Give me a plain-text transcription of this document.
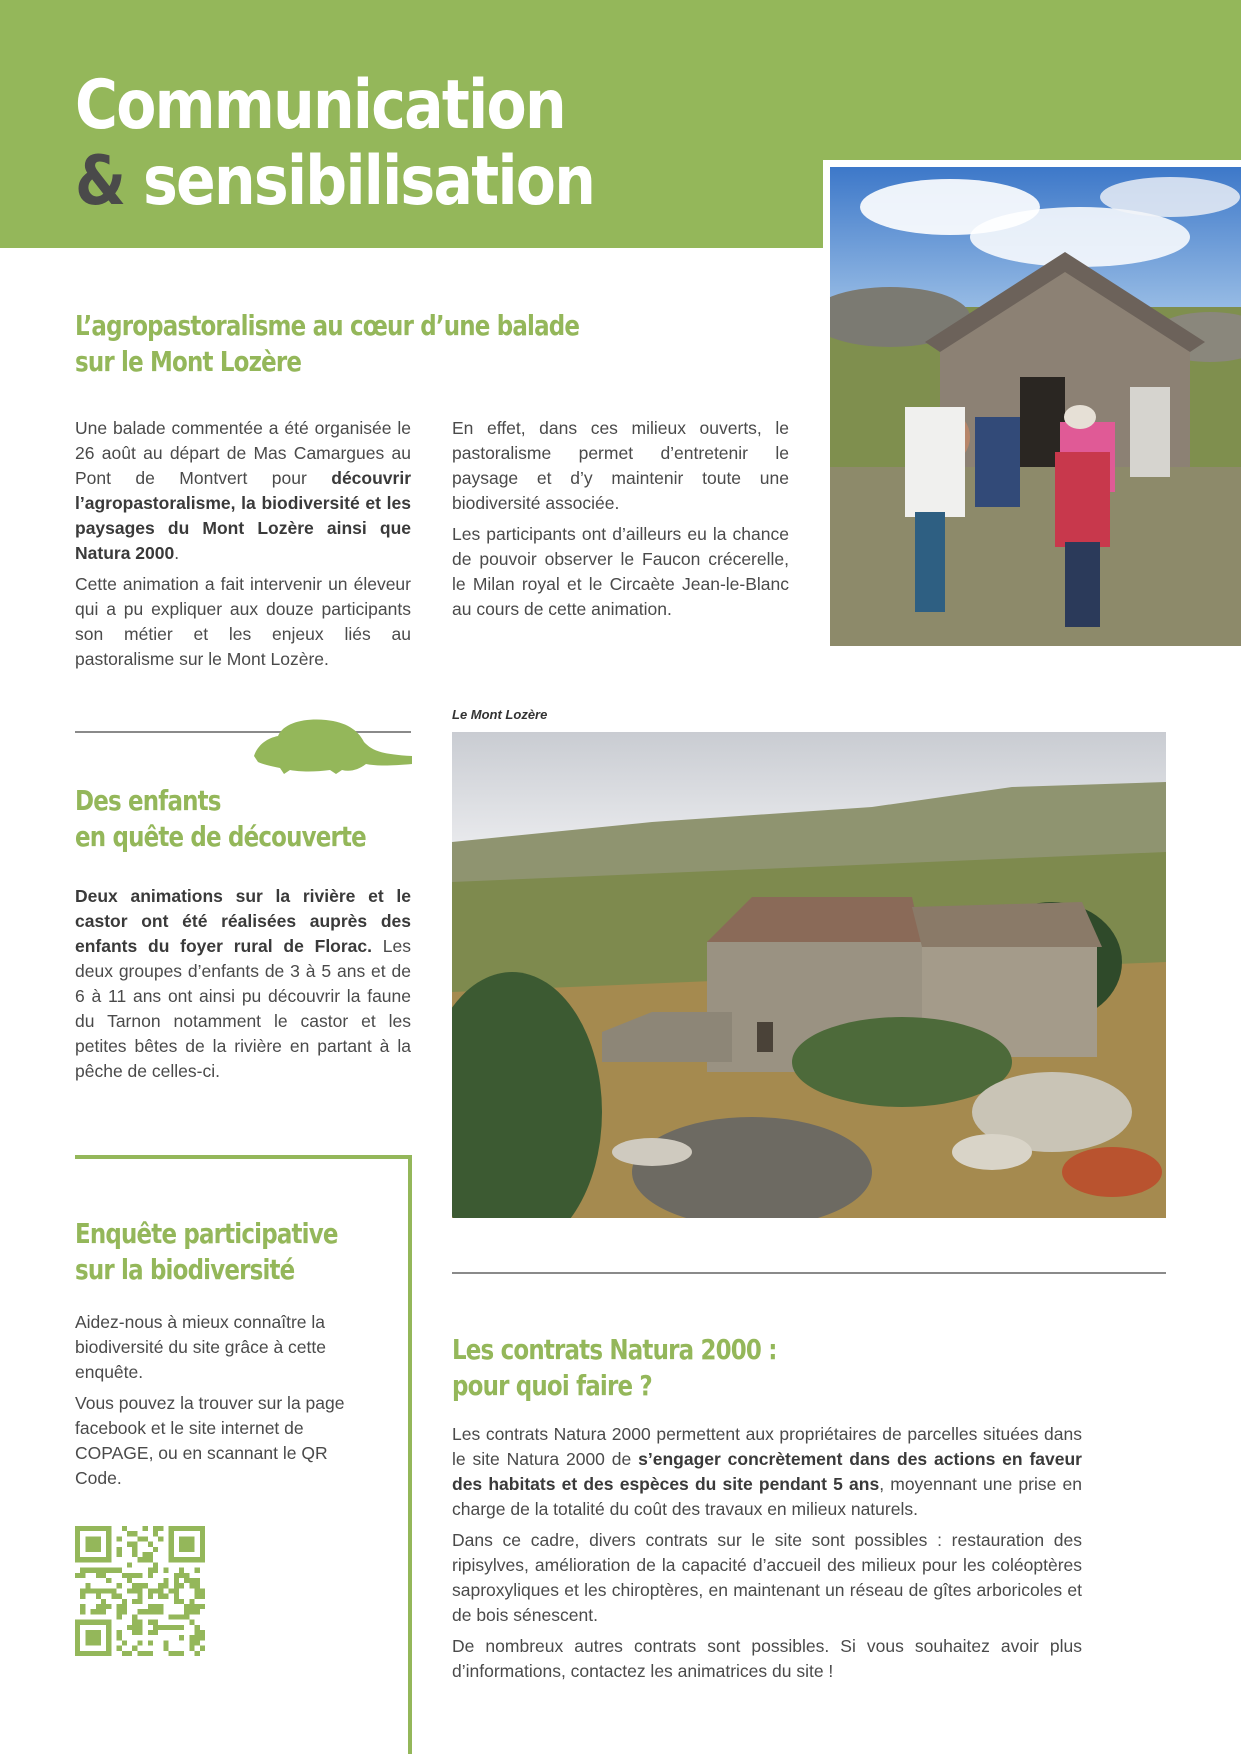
Communication
& sensibilisation
L’agropastoralisme au cœur d’une balade
sur le Mont Lozère

Une balade commentée a été organisée le 26 août au départ de Mas Camargues au Pont de Montvert pour découvrir l’agropastoralisme, la biodiversité et les paysages du Mont Lozère ainsi que Natura 2000.

Cette animation a fait intervenir un éleveur qui a pu expliquer aux douze participants son métier et les enjeux liés au pastoralisme sur le Mont Lozère.

En effet, dans ces milieux ouverts, le pastoralisme permet d’entretenir le paysage et d’y maintenir toute une biodiversité associée.

Les participants ont d’ailleurs eu la chance de pouvoir observer le Faucon crécerelle, le Milan royal et le Circaète Jean-le-Blanc au cours de cette animation.

Le Mont Lozère
Des enfants
en quête de découverte

Deux animations sur la rivière et le castor ont été réalisées auprès des enfants du foyer rural de Florac. Les deux groupes d’enfants de 3 à 5 ans et de 6 à 11 ans ont ainsi pu découvrir la faune du Tarnon notamment le castor et les petites bêtes de la rivière en partant à la pêche de celles-ci.

Enquête participative
sur la biodiversité

Aidez-nous à mieux connaître la biodiversité du site grâce à cette enquête.

Vous pouvez la trouver sur la page facebook et le site internet de COPAGE, ou en scannant le QR Code.

Les contrats Natura 2000 :
pour quoi faire ?

Les contrats Natura 2000 permettent aux propriétaires de parcelles situées dans le site Natura 2000 de s’engager concrètement dans des actions en faveur des habitats et des espèces du site pendant 5 ans, moyennant une prise en charge de la totalité du coût des travaux en milieux naturels.

Dans ce cadre, divers contrats sur le site sont possibles : restauration des ripisylves, amélioration de la capacité d’accueil des milieux pour les coléoptères saproxyliques et les chiroptères, en maintenant un réseau de gîtes arboricoles et de bois sénescent.

De nombreux autres contrats sont possibles. Si vous souhaitez avoir plus d’informations, contactez les animatrices du site !
